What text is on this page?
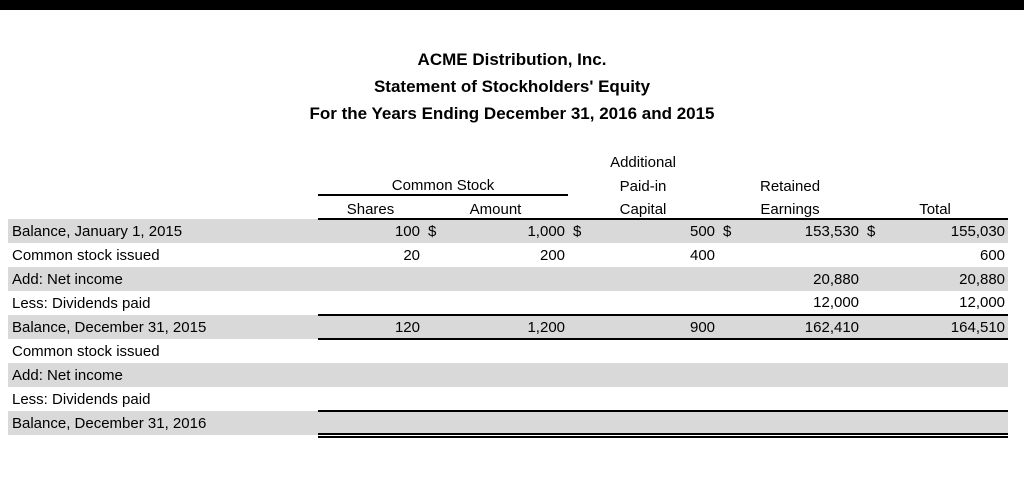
ACME Distribution, Inc.
Statement of Stockholders' Equity
For the Years Ending December 31, 2016 and 2015
				Additional					
	Common Stock			Paid-in		Retained			
	Shares	Amount		Capital		Earnings		Total	
Balance, January 1, 2015	100	$	1,000	$	500	$	153,530	$	155,030
Common stock issued	20		200		400				600
Add: Net income							20,880		20,880
Less: Dividends paid							12,000		12,000
Balance, December 31, 2015	120		1,200		900		162,410		164,510
Common stock issued									
Add: Net income									
Less: Dividends paid									
Balance, December 31, 2016									
